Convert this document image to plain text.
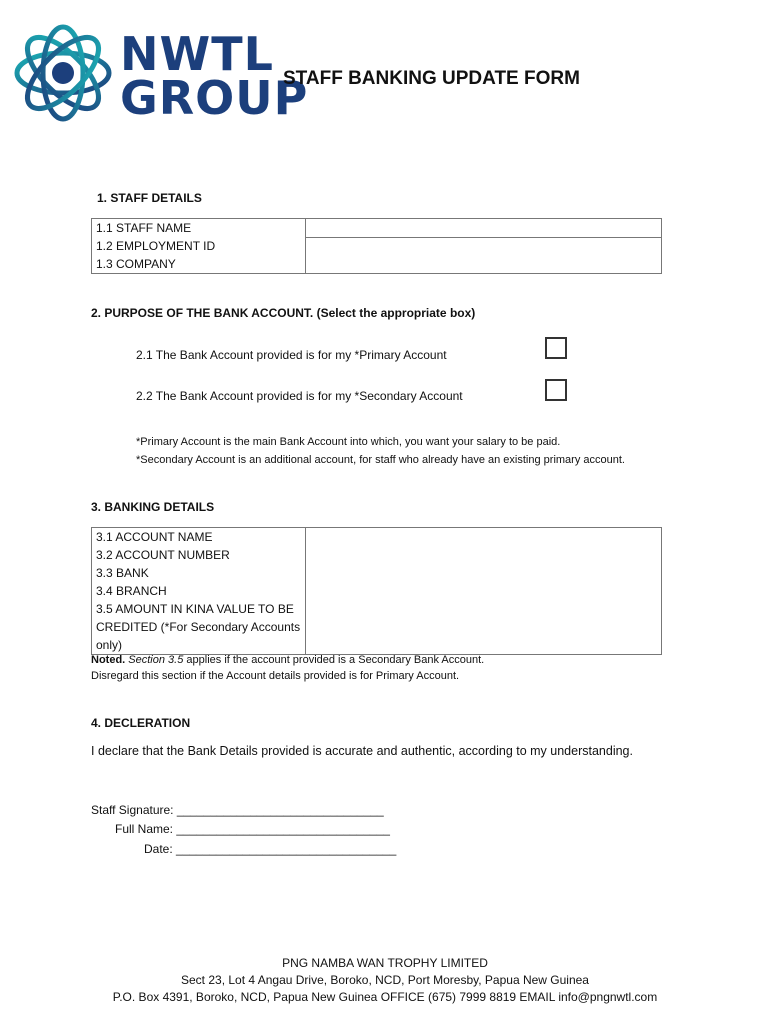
NWTL
GROUP
STAFF BANKING UPDATE FORM
1. STAFF DETAILS
1.1 STAFF NAME
1.2 EMPLOYMENT ID
1.3 COMPANY

2. PURPOSE OF THE BANK ACCOUNT. (Select the appropriate box)
2.1 The Bank Account provided is for my *Primary Account
2.2 The Bank Account provided is for my *Secondary Account
*Primary Account is the main Bank Account into which, you want your salary to be paid.
*Secondary Account is an additional account, for staff who already have an existing primary account.
3. BANKING DETAILS
3.1 ACCOUNT NAME
3.2 ACCOUNT NUMBER
3.3 BANK
3.4 BRANCH
3.5 AMOUNT IN KINA VALUE TO BE
CREDITED (*For Secondary Accounts
only)

Noted. Section 3.5 applies if the account provided is a Secondary Bank Account.
Disregard this section if the Account details provided is for Primary Account.
4. DECLERATION
I declare that the Bank Details provided is accurate and authentic, according to my understanding.
Staff Signature: _______________________________
Full Name: ________________________________
Date: _________________________________
PNG NAMBA WAN TROPHY LIMITED
Sect 23, Lot 4 Angau Drive, Boroko, NCD, Port Moresby, Papua New Guinea
P.O. Box 4391, Boroko, NCD, Papua New Guinea OFFICE (675) 7999 8819 EMAIL info@pngnwtl.com
